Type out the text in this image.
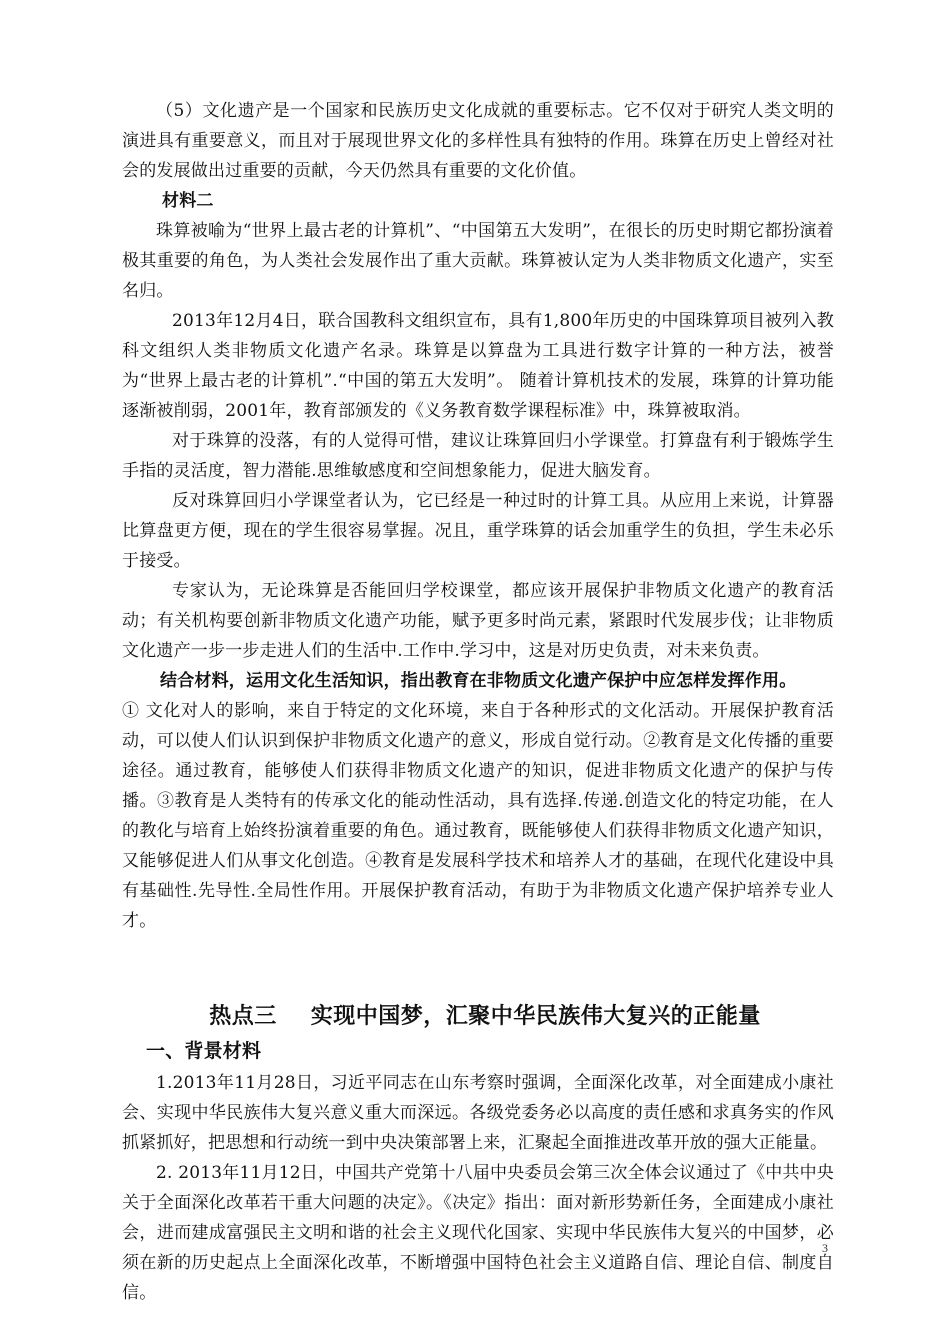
（5）文化遗产是一个国家和民族历史文化成就的重要标志。它不仅对于研究人类文明的演进具有重要意义，而且对于展现世界文化的多样性具有独特的作用。珠算在历史上曾经对社会的发展做出过重要的贡献，今天仍然具有重要的文化价值。

材料二

珠算被喻为“世界上最古老的计算机”、“中国第五大发明”，在很长的历史时期它都扮演着极其重要的角色，为人类社会发展作出了重大贡献。珠算被认定为人类非物质文化遗产，实至名归。

2013年12月4日，联合国教科文组织宣布，具有1,800年历史的中国珠算项目被列入教科文组织人类非物质文化遗产名录。珠算是以算盘为工具进行数字计算的一种方法，被誉为“世界上最古老的计算机”.“中国的第五大发明”。 随着计算机技术的发展，珠算的计算功能逐渐被削弱，2001年，教育部颁发的《义务教育数学课程标准》中，珠算被取消。

对于珠算的没落，有的人觉得可惜，建议让珠算回归小学课堂。打算盘有利于锻炼学生手指的灵活度，智力潜能.思维敏感度和空间想象能力，促进大脑发育。

反对珠算回归小学课堂者认为，它已经是一种过时的计算工具。从应用上来说，计算器比算盘更方便，现在的学生很容易掌握。况且，重学珠算的话会加重学生的负担，学生未必乐于接受。

专家认为，无论珠算是否能回归学校课堂，都应该开展保护非物质文化遗产的教育活动；有关机构要创新非物质文化遗产功能，赋予更多时尚元素，紧跟时代发展步伐；让非物质文化遗产一步一步走进人们的生活中.工作中.学习中，这是对历史负责，对未来负责。

结合材料，运用文化生活知识，指出教育在非物质文化遗产保护中应怎样发挥作用。

① 文化对人的影响，来自于特定的文化环境，来自于各种形式的文化活动。开展保护教育活动，可以使人们认识到保护非物质文化遗产的意义，形成自觉行动。②教育是文化传播的重要途径。通过教育，能够使人们获得非物质文化遗产的知识，促进非物质文化遗产的保护与传播。③教育是人类特有的传承文化的能动性活动，具有选择.传递.创造文化的特定功能，在人的教化与培育上始终扮演着重要的角色。通过教育，既能够使人们获得非物质文化遗产知识，又能够促进人们从事文化创造。④教育是发展科学技术和培养人才的基础，在现代化建设中具有基础性.先导性.全局性作用。开展保护教育活动，有助于为非物质文化遗产保护培养专业人才。

热点三 实现中国梦，汇聚中华民族伟大复兴的正能量

一、背景材料

1.2013年11月28日，习近平同志在山东考察时强调，全面深化改革，对全面建成小康社会、实现中华民族伟大复兴意义重大而深远。各级党委务必以高度的责任感和求真务实的作风抓紧抓好，把思想和行动统一到中央决策部署上来，汇聚起全面推进改革开放的强大正能量。

2. 2013年11月12日，中国共产党第十八届中央委员会第三次全体会议通过了《中共中央关于全面深化改革若干重大问题的决定》。《决定》指出：面对新形势新任务，全面建成小康社会，进而建成富强民主文明和谐的社会主义现代化国家、实现中华民族伟大复兴的中国梦，必须在新的历史起点上全面深化改革，不断增强中国特色社会主义道路自信、理论自信、制度自信。

3
